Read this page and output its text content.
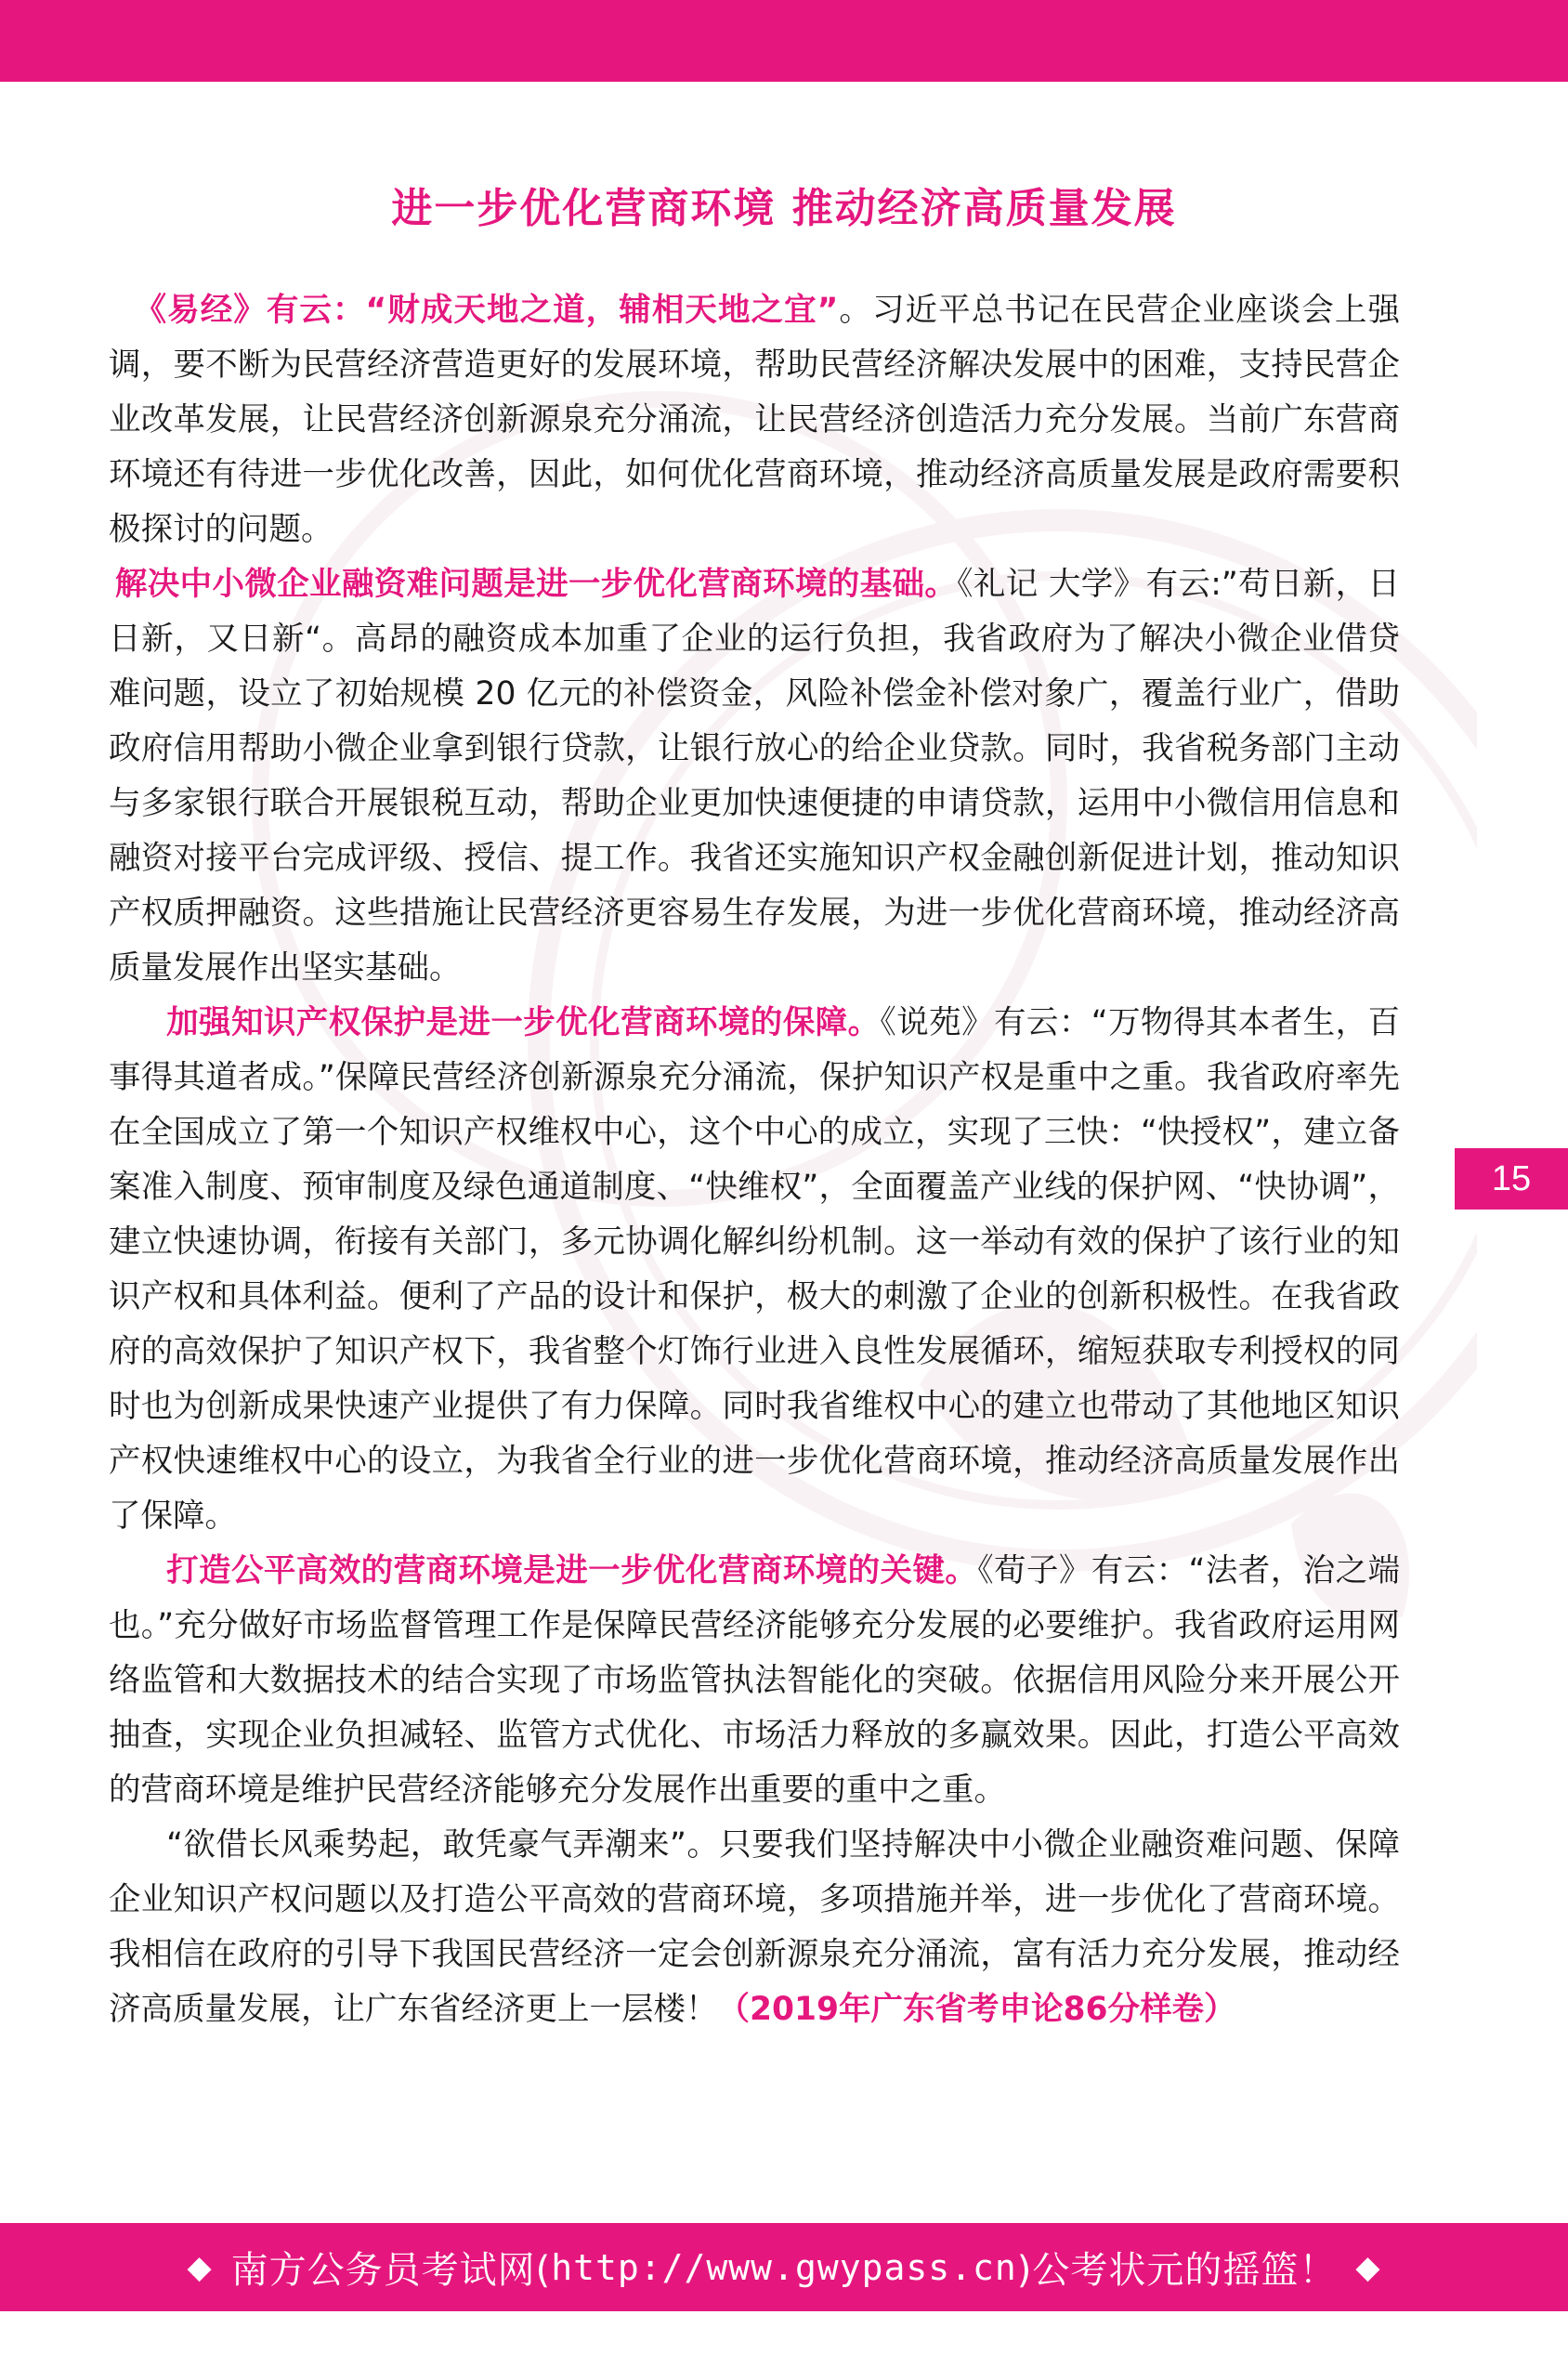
进一步优化营商环境 推动经济高质量发展

《易经》有云：“财成天地之道，辅相天地之宜”。习近平总书记在民营企业座谈会上强调，要不断为民营经济营造更好的发展环境，帮助民营经济解决发展中的困难，支持民营企业改革发展，让民营经济创新源泉充分涌流，让民营经济创造活力充分发展。当前广东营商环境还有待进一步优化改善，因此，如何优化营商环境，推动经济高质量发展是政府需要积极探讨的问题。

解决中小微企业融资难问题是进一步优化营商环境的基础。《礼记 大学》有云:”苟日新，日日新，又日新“。高昂的融资成本加重了企业的运行负担，我省政府为了解决小微企业借贷难问题，设立了初始规模 20 亿元的补偿资金，风险补偿金补偿对象广，覆盖行业广，借助政府信用帮助小微企业拿到银行贷款，让银行放心的给企业贷款。同时，我省税务部门主动与多家银行联合开展银税互动，帮助企业更加快速便捷的申请贷款，运用中小微信用信息和融资对接平台完成评级、授信、提工作。我省还实施知识产权金融创新促进计划，推动知识产权质押融资。这些措施让民营经济更容易生存发展，为进一步优化营商环境，推动经济高质量发展作出坚实基础。

加强知识产权保护是进一步优化营商环境的保障。《说苑》有云：“万物得其本者生，百事得其道者成。”保障民营经济创新源泉充分涌流，保护知识产权是重中之重。我省政府率先在全国成立了第一个知识产权维权中心，这个中心的成立，实现了三快：“快授权”，建立备案准入制度、预审制度及绿色通道制度、“快维权”，全面覆盖产业线的保护网、“快协调”，建立快速协调，衔接有关部门，多元协调化解纠纷机制。这一举动有效的保护了该行业的知识产权和具体利益。便利了产品的设计和保护，极大的刺激了企业的创新积极性。在我省政府的高效保护了知识产权下，我省整个灯饰行业进入良性发展循环，缩短获取专利授权的同时也为创新成果快速产业提供了有力保障。同时我省维权中心的建立也带动了其他地区知识产权快速维权中心的设立，为我省全行业的进一步优化营商环境，推动经济高质量发展作出了保障。

打造公平高效的营商环境是进一步优化营商环境的关键。《荀子》有云：“法者，治之端也。”充分做好市场监督管理工作是保障民营经济能够充分发展的必要维护。我省政府运用网络监管和大数据技术的结合实现了市场监管执法智能化的突破。依据信用风险分来开展公开抽查，实现企业负担减轻、监管方式优化、市场活力释放的多赢效果。因此，打造公平高效的营商环境是维护民营经济能够充分发展作出重要的重中之重。

“欲借长风乘势起，敢凭豪气弄潮来”。只要我们坚持解决中小微企业融资难问题、保障企业知识产权问题以及打造公平高效的营商环境，多项措施并举，进一步优化了营商环境。我相信在政府的引导下我国民营经济一定会创新源泉充分涌流，富有活力充分发展，推动经济高质量发展，让广东省经济更上一层楼！（2019年广东省考申论86分样卷）

15
◆ 南方公务员考试网( http://www.gwypass.cn )公考状元的摇篮！ ◆
